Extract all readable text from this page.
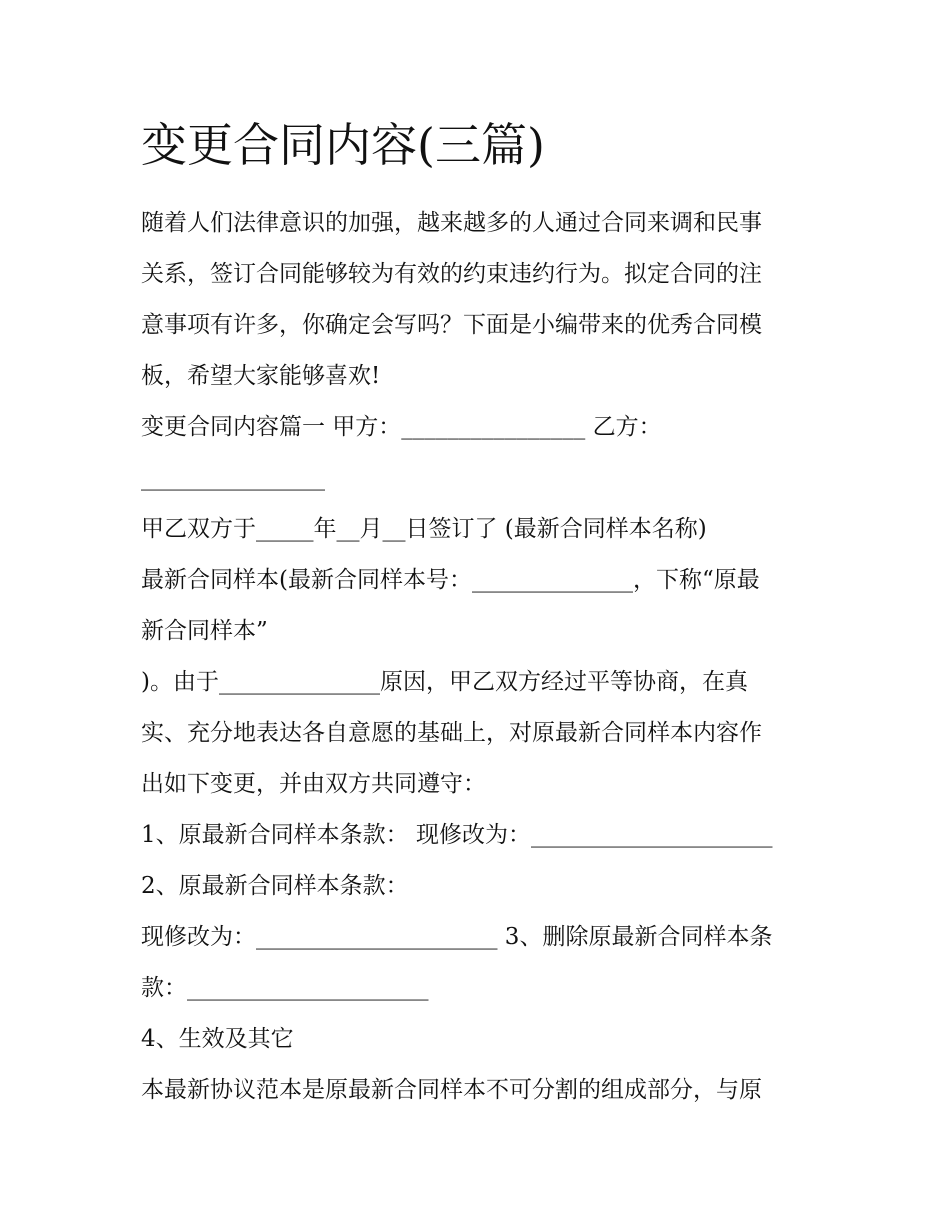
变更合同内容(三篇)

随着人们法律意识的加强，越来越多的人通过合同来调和民事

关系，签订合同能够较为有效的约束违约行为。拟定合同的注

意事项有许多，你确定会写吗？下面是小编带来的优秀合同模

板，希望大家能够喜欢!

变更合同内容篇一 甲方：________________ 乙方：

________________

甲乙双方于_____年__月__日签订了 (最新合同样本名称)

最新合同样本(最新合同样本号：______________，下称“原最

新合同样本”

)。由于______________原因，甲乙双方经过平等协商，在真

实、充分地表达各自意愿的基础上，对原最新合同样本内容作

出如下变更，并由双方共同遵守：

1、原最新合同样本条款： 现修改为：_____________________

2、原最新合同样本条款：

现修改为：_____________________ 3、删除原最新合同样本条

款：_____________________

4、生效及其它

本最新协议范本是原最新合同样本不可分割的组成部分，与原
